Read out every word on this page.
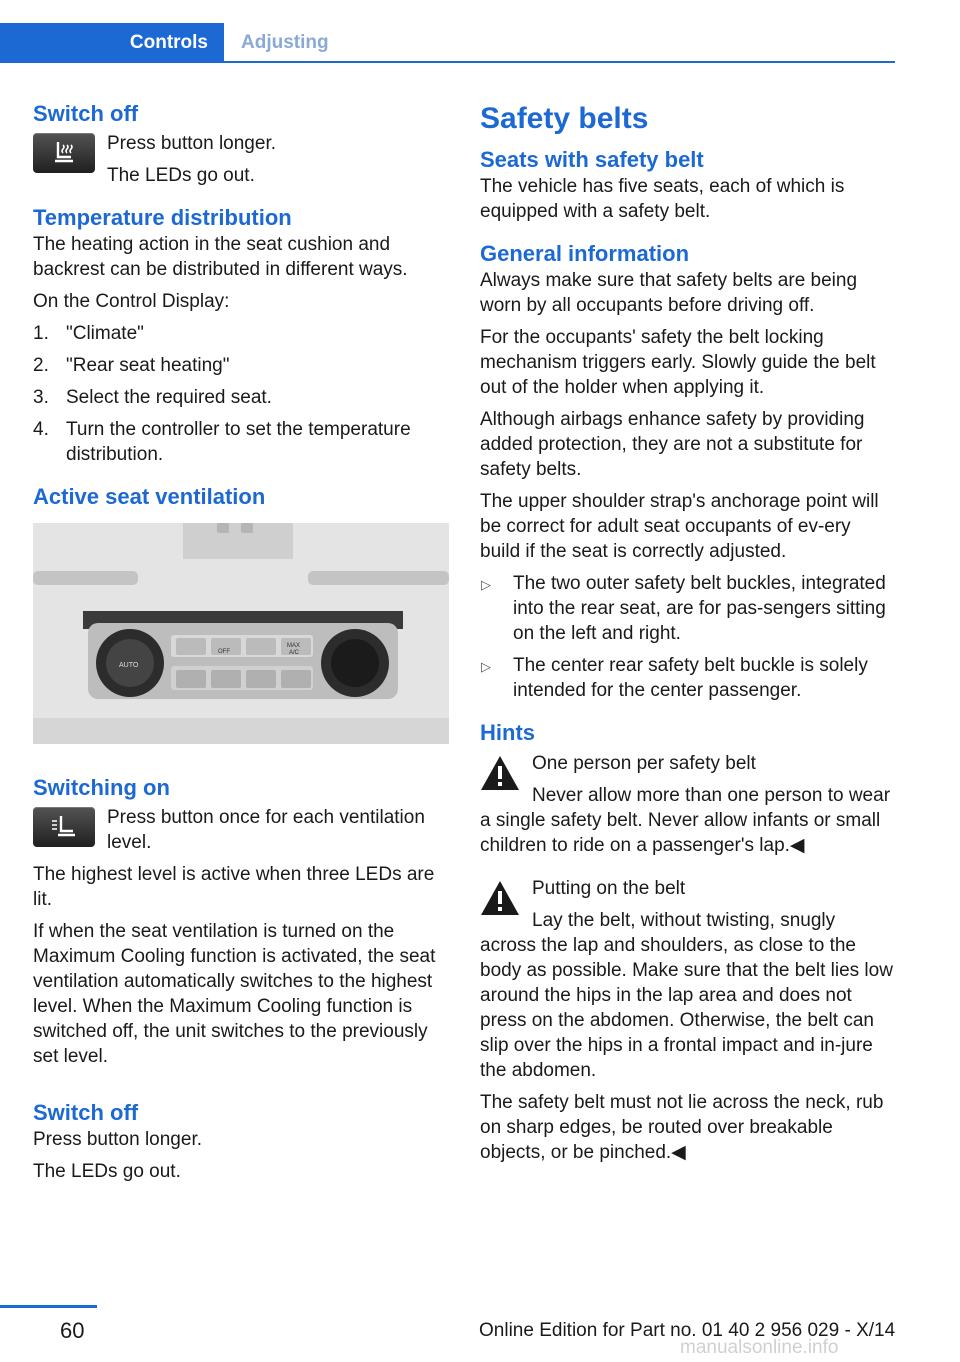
Controls Adjusting
Switch off

Press button longer.

The LEDs go out.

Temperature distribution

The heating action in the seat cushion and backrest can be distributed in different ways.

On the Control Display:

1. "Climate"
2. "Rear seat heating"
3. Select the required seat.
4. Turn the controller to set the temperature distribution.
Active seat ventilation
AUTO
OFF
MAX
A/C
Switching on

Press button once for each ventilation level.

The highest level is active when three LEDs are lit.

If when the seat ventilation is turned on the Maximum Cooling function is activated, the seat ventilation automatically switches to the highest level. When the Maximum Cooling function is switched off, the unit switches to the previously set level.

Switch off

Press button longer.

The LEDs go out.

Safety belts
Seats with safety belt

The vehicle has five seats, each of which is equipped with a safety belt.

General information

Always make sure that safety belts are being worn by all occupants before driving off.

For the occupants' safety the belt locking mechanism triggers early. Slowly guide the belt out of the holder when applying it.

Although airbags enhance safety by providing added protection, they are not a substitute for safety belts.

The upper shoulder strap's anchorage point will be correct for adult seat occupants of ev‐ery build if the seat is correctly adjusted.

▷ The two outer safety belt buckles, integrated into the rear seat, are for pas‐sengers sitting on the left and right.
▷ The center rear safety belt buckle is solely intended for the center passenger.
Hints

One person per safety belt

Never allow more than one person to wear a single safety belt. Never allow infants or small children to ride on a passenger's lap.◀

Putting on the belt

Lay the belt, without twisting, snugly across the lap and shoulders, as close to the body as possible. Make sure that the belt lies low around the hips in the lap area and does not press on the abdomen. Otherwise, the belt can slip over the hips in a frontal impact and in‐jure the abdomen.

The safety belt must not lie across the neck, rub on sharp edges, be routed over breakable objects, or be pinched.◀

60	Online Edition for Part no. 01 40 2 956 029 - X/14
manualsonline.info
